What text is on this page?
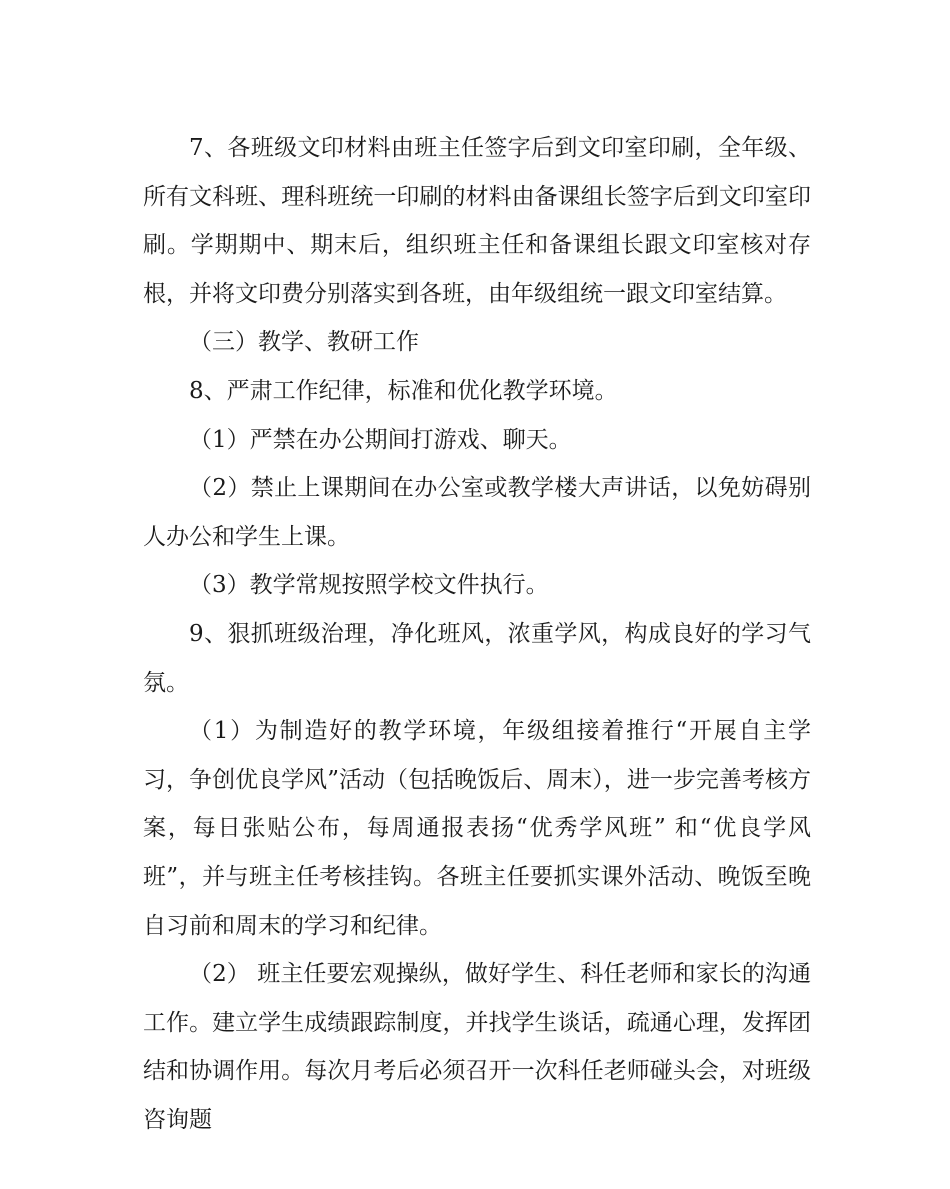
7、各班级文印材料由班主任签字后到文印室印刷，全年级、所有文科班、理科班统一印刷的材料由备课组长签字后到文印室印刷。学期期中、期末后，组织班主任和备课组长跟文印室核对存根，并将文印费分别落实到各班，由年级组统一跟文印室结算。

（三）教学、教研工作

8、严肃工作纪律，标准和优化教学环境。

（1）严禁在办公期间打游戏、聊天。

（2）禁止上课期间在办公室或教学楼大声讲话，以免妨碍别人办公和学生上课。

（3）教学常规按照学校文件执行。

9、狠抓班级治理，净化班风，浓重学风，构成良好的学习气氛。

（1）为制造好的教学环境，年级组接着推行“开展自主学习，争创优良学风”活动（包括晚饭后、周末），进一步完善考核方案，每日张贴公布，每周通报表扬“优秀学风班” 和“优良学风班”，并与班主任考核挂钩。各班主任要抓实课外活动、晚饭至晚自习前和周末的学习和纪律。

（2） 班主任要宏观操纵，做好学生、科任老师和家长的沟通工作。建立学生成绩跟踪制度，并找学生谈话，疏通心理，发挥团结和协调作用。每次月考后必须召开一次科任老师碰头会，对班级咨询题
